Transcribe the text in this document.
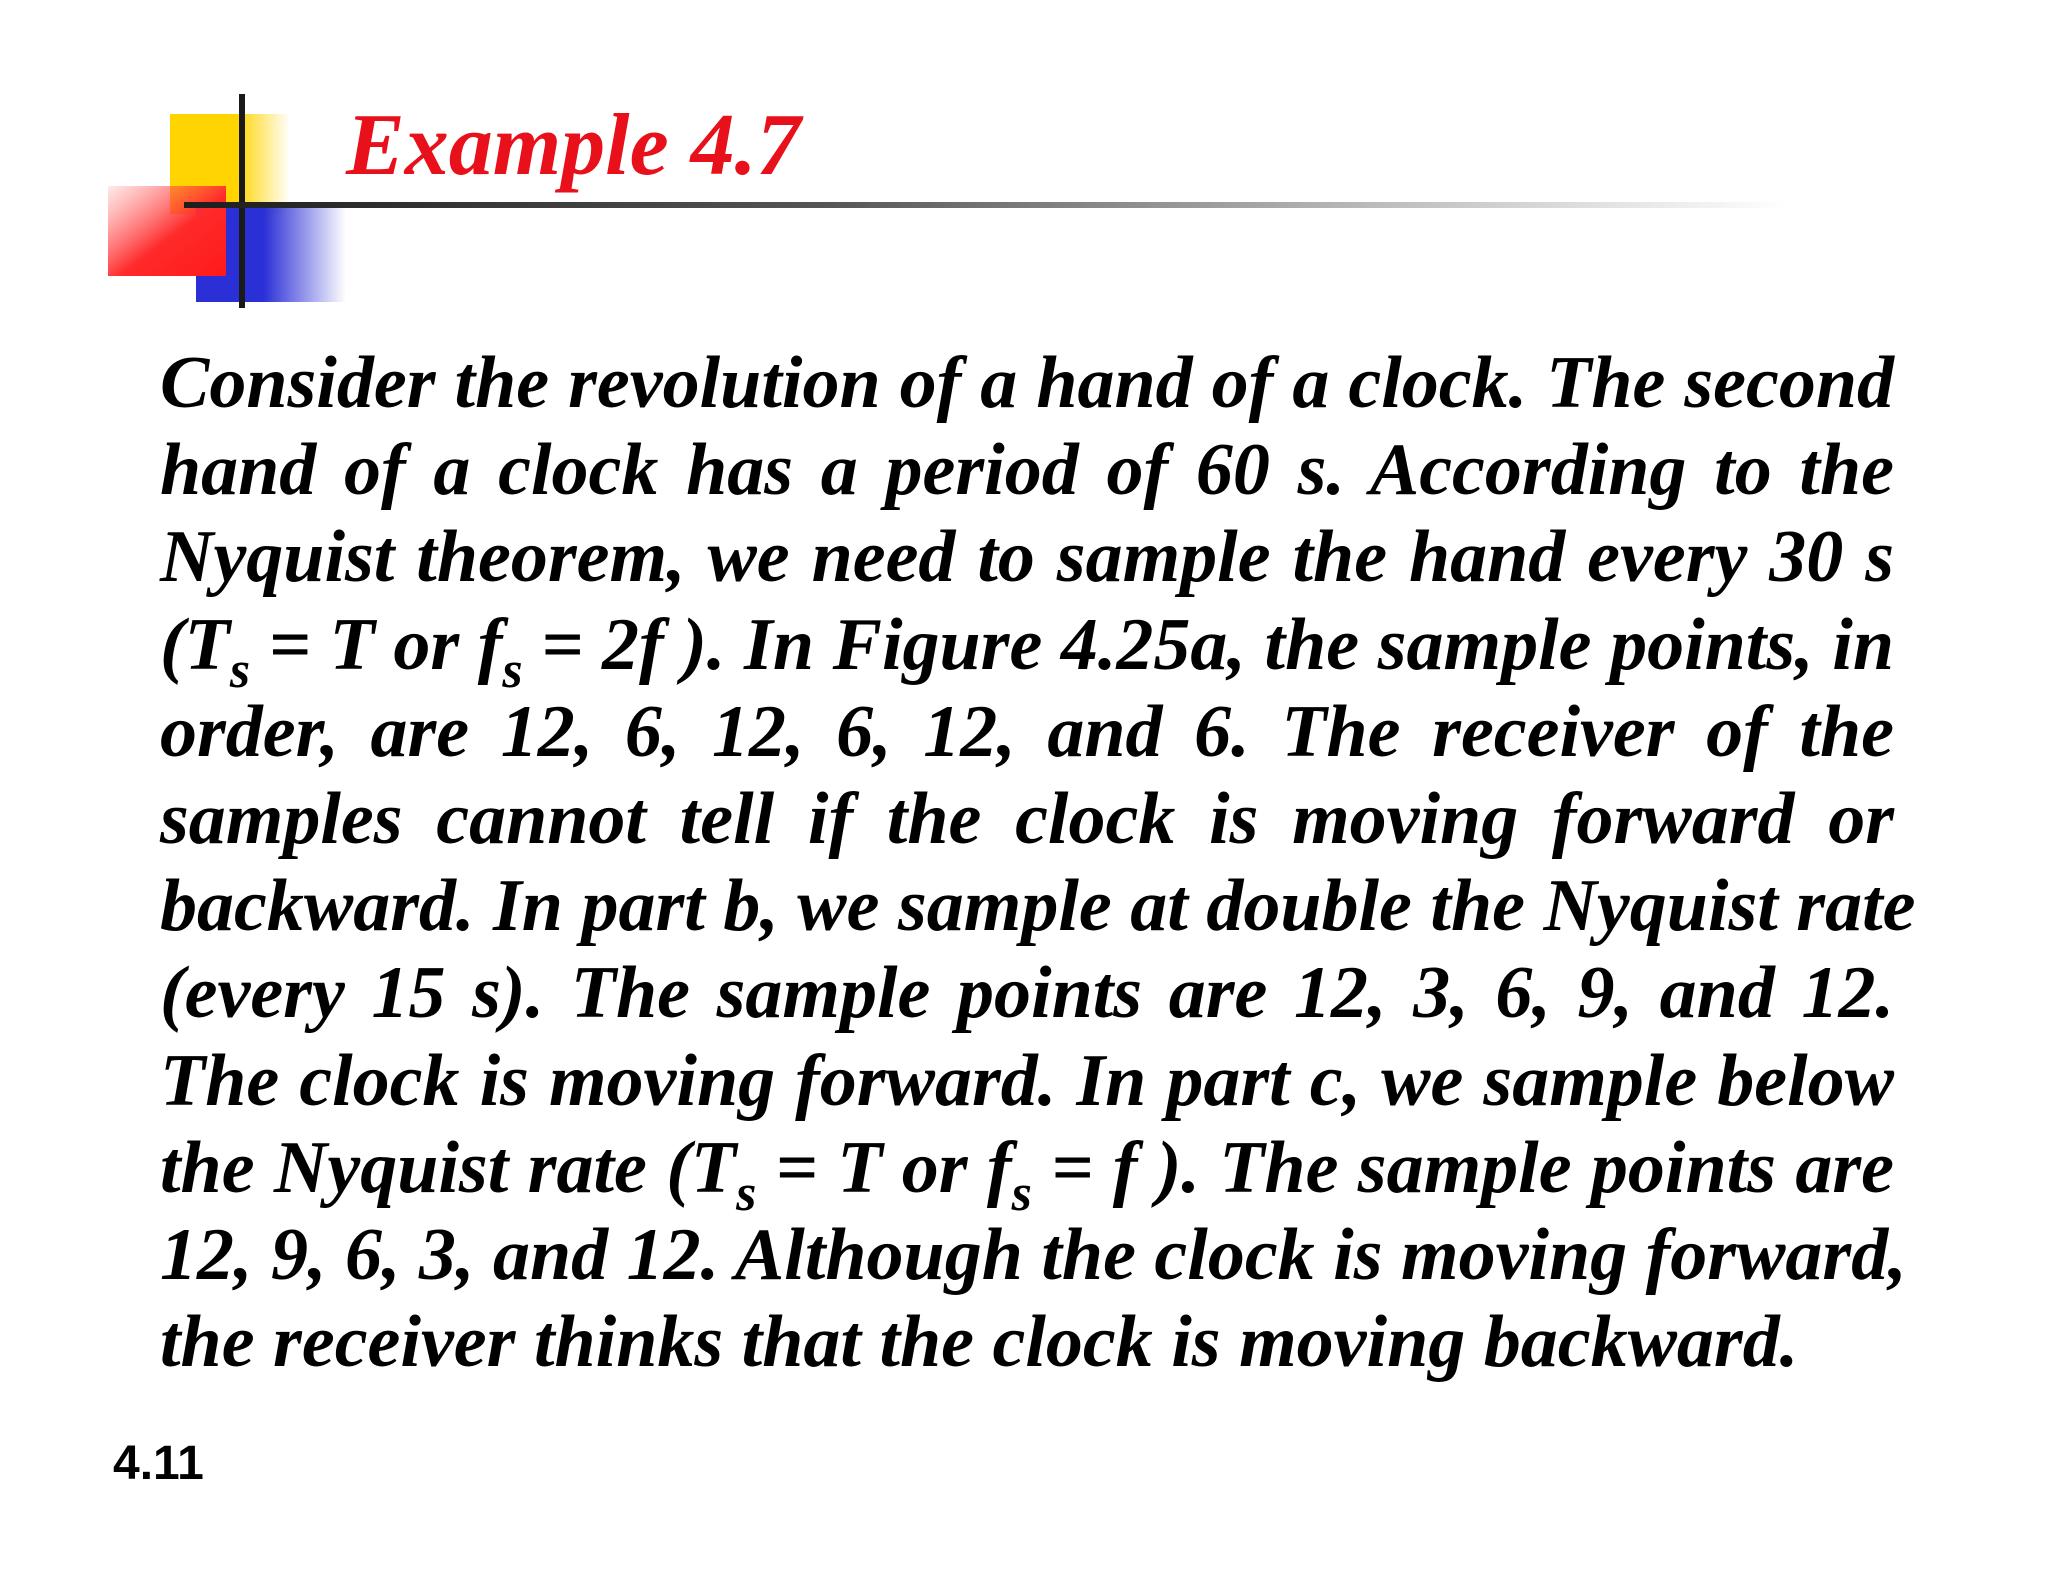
Example 4.7
Consider the revolution of a hand of a clock. The second
hand of a clock has a period of 60 s. According to the
Nyquist theorem, we need to sample the hand every 30 s
($T_s = T$ or $f_s = 2f$ ). In Figure 4.25a, the sample points, in
order, are 12, 6, 12, 6, 12, and 6. The receiver of the
samples cannot tell if the clock is moving forward or
backward. In part b, we sample at double the Nyquist rate
(every 15 s). The sample points are 12, 3, 6, 9, and 12.
The clock is moving forward. In part c, we sample below
the Nyquist rate ($T_s = T$ or $f_s = f$ ). The sample points are
12, 9, 6, 3, and 12. Although the clock is moving forward,
the receiver thinks that the clock is moving backward.
4.11
